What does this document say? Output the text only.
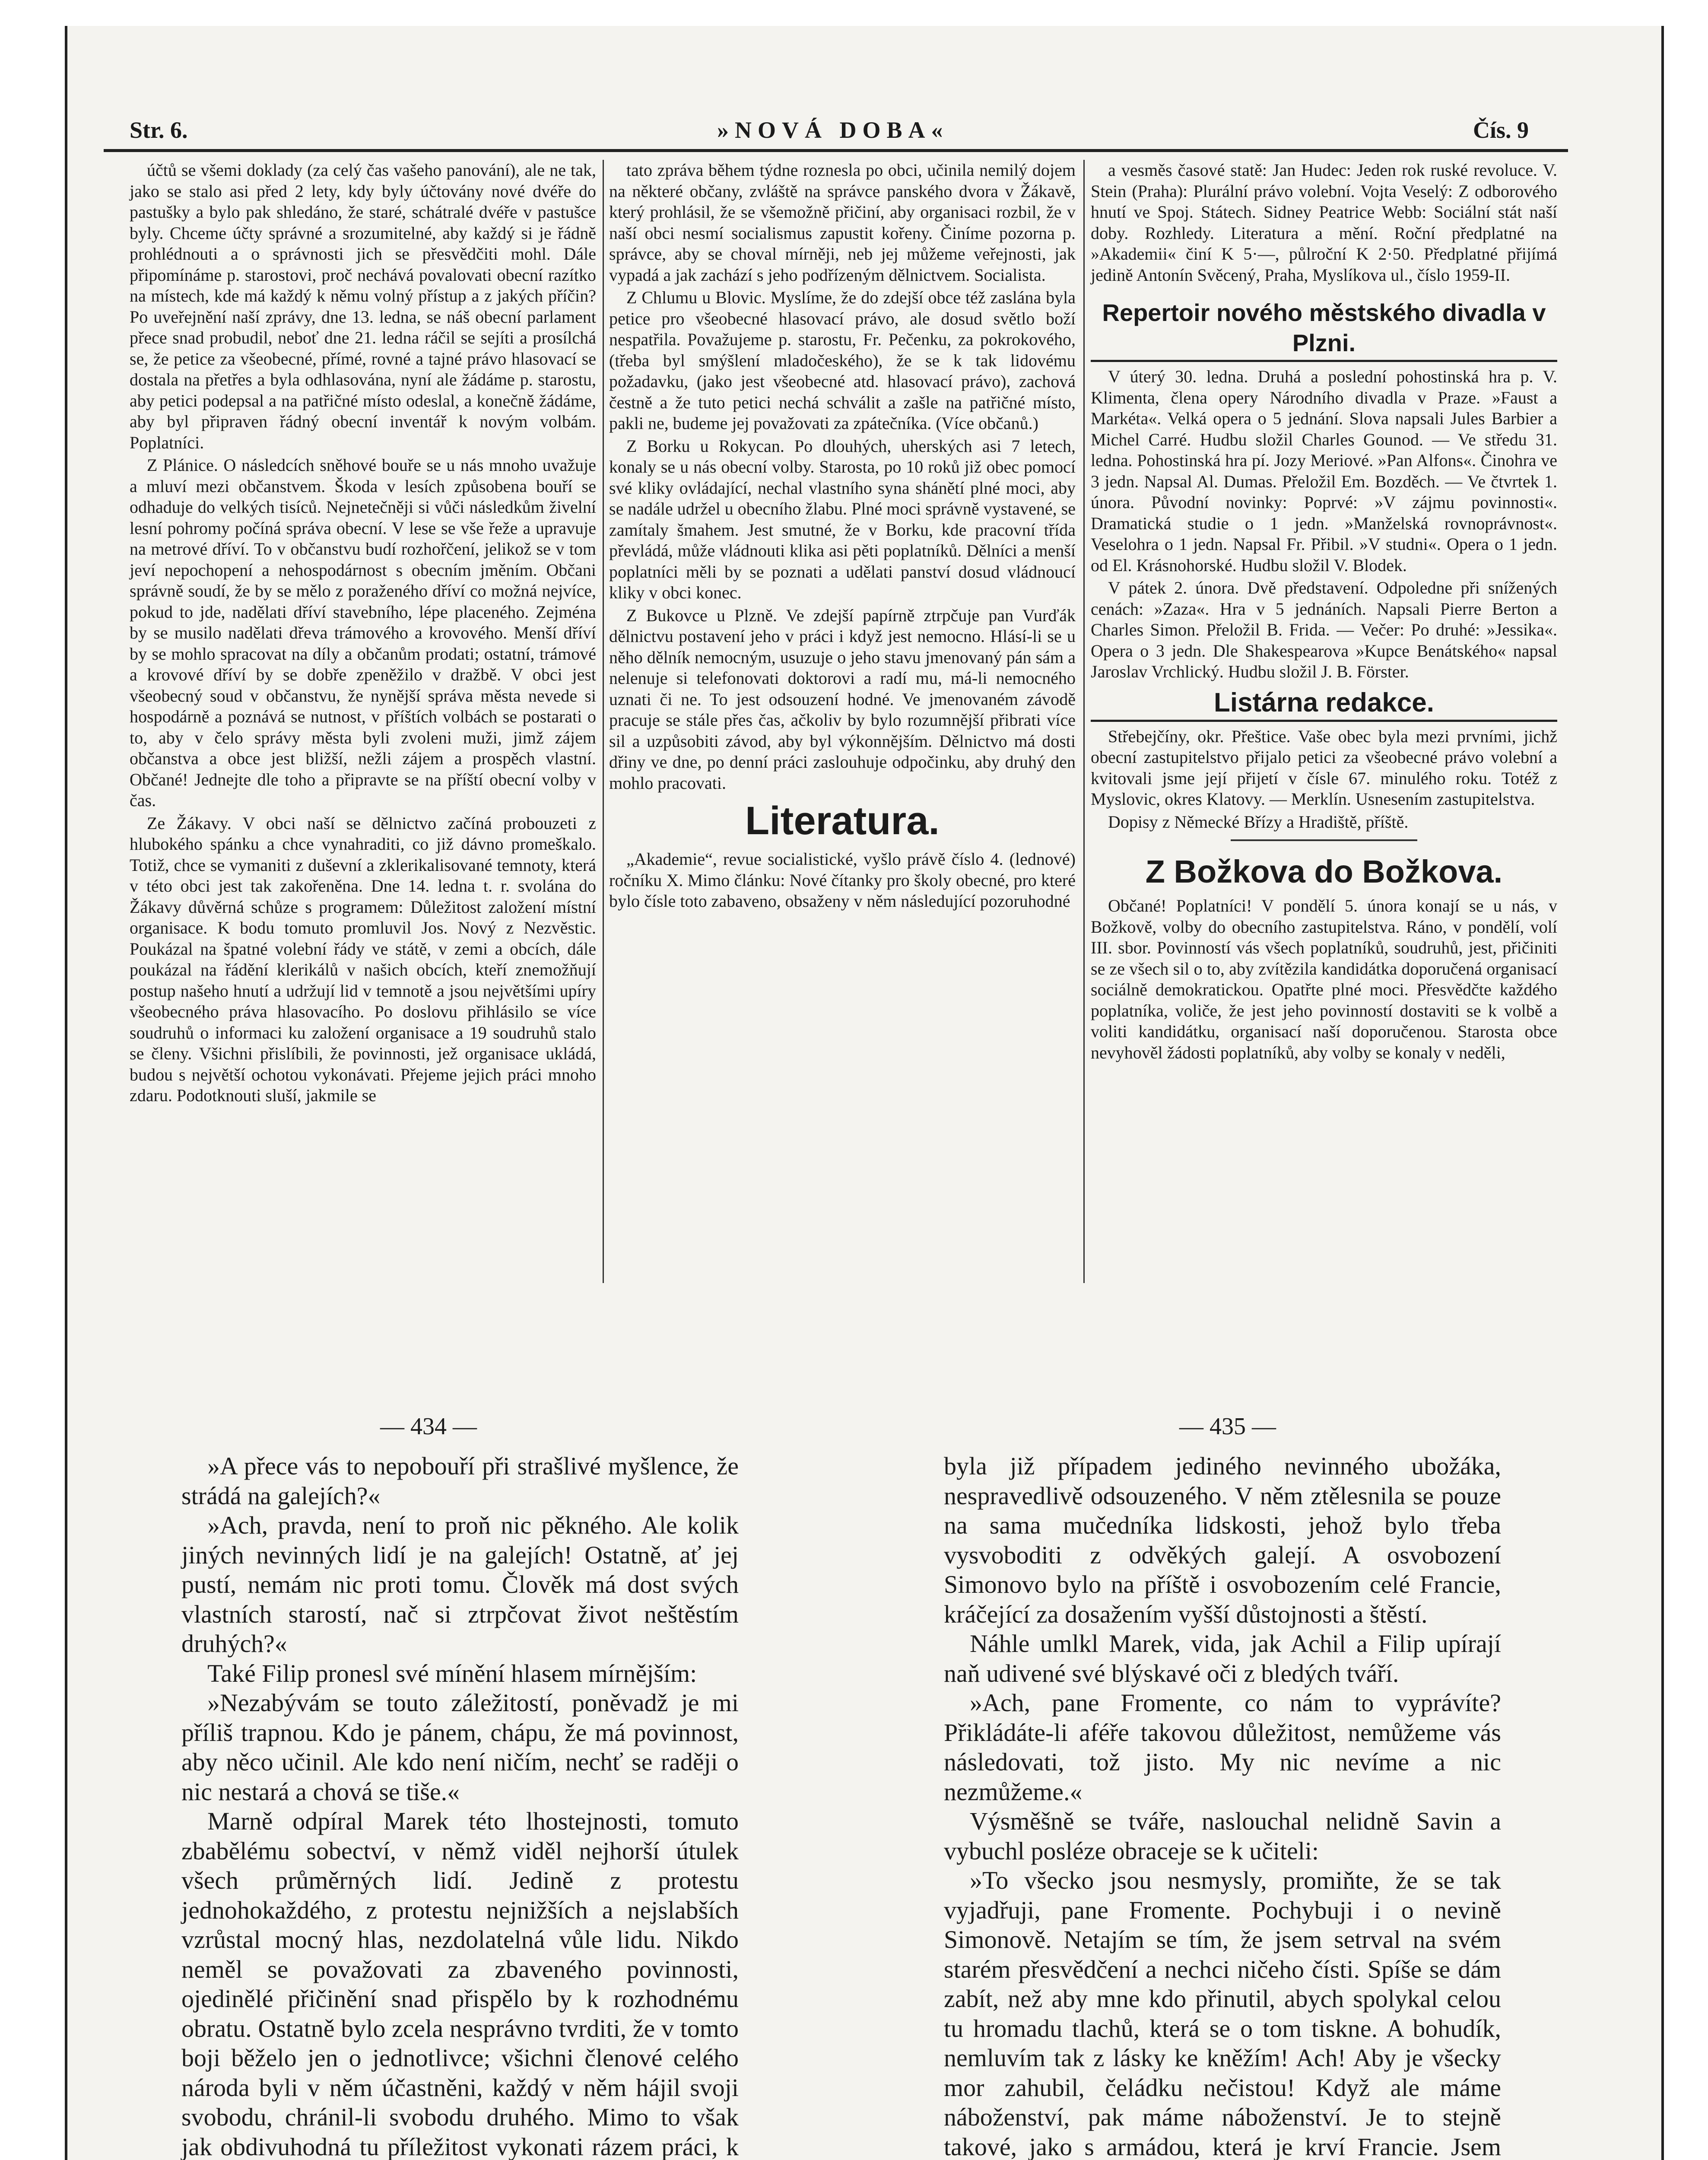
Str. 6.	»NOVÁ DOBA«	Čís. 9

účtů se všemi doklady (za celý čas vašeho panování), ale ne tak, jako se stalo asi před 2 lety, kdy byly účtovány nové dvéře do pastušky a bylo pak shledáno, že staré, schátralé dvéře v pastušce byly. Chceme účty správné a srozumitelné, aby každý si je řádně prohlédnouti a o správnosti jich se přesvědčiti mohl. Dále připomínáme p. starostovi, proč nechává povalovati obecní razítko na místech, kde má každý k němu volný přístup a z jakých příčin? Po uveřejnění naší zprávy, dne 13. ledna, se náš obecní parlament přece snad probudil, neboť dne 21. ledna ráčil se sejíti a prosílchá se, že petice za všeobecné, přímé, rovné a tajné právo hlasovací se dostala na přetřes a byla odhlasována, nyní ale žádáme p. starostu, aby petici podepsal a na patřičné místo odeslal, a konečně žádáme, aby byl připraven řádný obecní inventář k novým volbám. Poplatníci.

Z Plánice. O následcích sněhové bouře se u nás mnoho uvažuje a mluví mezi občanstvem. Škoda v lesích způsobena bouří se odhaduje do velkých tisíců. Nejnetečněji si vůči následkům živelní lesní pohromy počíná správa obecní. V lese se vše řeže a upravuje na metrové dříví. To v občanstvu budí rozhořčení, jelikož se v tom jeví nepochopení a nehospodárnost s obecním jměním. Občani správně soudí, že by se mělo z poraženého dříví co možná nejvíce, pokud to jde, nadělati dříví stavebního, lépe placeného. Zejména by se musilo nadělati dřeva trámového a krovového. Menší dříví by se mohlo spracovat na díly a občanům prodati; ostatní, trámové a krovové dříví by se dobře zpeněžilo v dražbě. V obci jest všeobecný soud v občanstvu, že nynější správa města nevede si hospodárně a poznává se nutnost, v příštích volbách se postarati o to, aby v čelo správy města byli zvoleni muži, jimž zájem občanstva a obce jest bližší, nežli zájem a prospěch vlastní. Občané! Jednejte dle toho a připravte se na příští obecní volby v čas.

Ze Žákavy. V obci naší se dělnictvo začíná probouzeti z hlubokého spánku a chce vynahraditi, co již dávno promeškalo. Totiž, chce se vymaniti z duševní a zklerikalisované temnoty, která v této obci jest tak zakořeněna. Dne 14. ledna t. r. svolána do Žákavy důvěrná schůze s programem: Důležitost založení místní organisace. K bodu tomuto promluvil Jos. Nový z Nezvěstic. Poukázal na špatné volební řády ve státě, v zemi a obcích, dále poukázal na řádění klerikálů v našich obcích, kteří znemožňují postup našeho hnutí a udržují lid v temnotě a jsou největšími upíry všeobecného práva hlasovacího. Po doslovu přihlásilo se více soudruhů o informaci ku založení organisace a 19 soudruhů stalo se členy. Všichni přislíbili, že povinnosti, jež organisace ukládá, budou s největší ochotou vykonávati. Přejeme jejich práci mnoho zdaru. Podotknouti sluší, jakmile se

tato zpráva během týdne roznesla po obci, učinila nemilý dojem na některé občany, zvláště na správce panského dvora v Žákavě, který prohlásil, že se všemožně přičiní, aby organisaci rozbil, že v naší obci nesmí socialismus zapustit kořeny. Činíme pozorna p. správce, aby se choval mírněji, neb jej můžeme veřejnosti, jak vypadá a jak zachází s jeho podřízeným dělnictvem. Socialista.

Z Chlumu u Blovic. Myslíme, že do zdejší obce též zaslána byla petice pro všeobecné hlasovací právo, ale dosud světlo boží nespatřila. Považujeme p. starostu, Fr. Pečenku, za pokrokového, (třeba byl smýšlení mladočeského), že se k tak lidovému požadavku, (jako jest všeobecné atd. hlasovací právo), zachová čestně a že tuto petici nechá schválit a zašle na patřičné místo, pakli ne, budeme jej považovati za zpátečníka. (Více občanů.)

Z Borku u Rokycan. Po dlouhých, uherských asi 7 letech, konaly se u nás obecní volby. Starosta, po 10 roků již obec pomocí své kliky ovládající, nechal vlastního syna shánětí plné moci, aby se nadále udržel u obecního žlabu. Plné moci správně vystavené, se zamítaly šmahem. Jest smutné, že v Borku, kde pracovní třída převládá, může vládnouti klika asi pěti poplatníků. Dělníci a menší poplatníci měli by se poznati a udělati panství dosud vládnoucí kliky v obci konec.

Z Bukovce u Plzně. Ve zdejší papírně ztrpčuje pan Vurďák dělnictvu postavení jeho v práci i když jest nemocno. Hlásí-li se u něho dělník nemocným, usuzuje o jeho stavu jmenovaný pán sám a nelenuje si telefonovati doktorovi a radí mu, má-li nemocného uznati či ne. To jest odsouzení hodné. Ve jmenovaném závodě pracuje se stále přes čas, ačkoliv by bylo rozumnější přibrati více sil a uzpůsobiti závod, aby byl výkonnějším. Dělnictvo má dosti dřiny ve dne, po denní práci zaslouhuje odpočinku, aby druhý den mohlo pracovati.

Literatura.

„Akademie“, revue socialistické, vyšlo právě číslo 4. (lednové) ročníku X. Mimo článku: Nové čítanky pro školy obecné, pro které bylo čísle toto zabaveno, obsaženy v něm následující pozoruhodné

a vesměs časové statě: Jan Hudec: Jeden rok ruské revoluce. V. Stein (Praha): Plurální právo volební. Vojta Veselý: Z odborového hnutí ve Spoj. Státech. Sidney Peatrice Webb: Sociální stát naší doby. Rozhledy. Literatura a mění. Roční předplatné na »Akademii« činí K 5·—, půlroční K 2·50. Předplatné přijímá jedině Antonín Svěcený, Praha, Myslíkova ul., číslo 1959-II.

Repertoir nového městského divadla v Plzni.

V úterý 30. ledna. Druhá a poslední pohostinská hra p. V. Klimenta, člena opery Národního divadla v Praze. »Faust a Markéta«. Velká opera o 5 jednání. Slova napsali Jules Barbier a Michel Carré. Hudbu složil Charles Gounod. — Ve středu 31. ledna. Pohostinská hra pí. Jozy Meriové. »Pan Alfons«. Činohra ve 3 jedn. Napsal Al. Dumas. Přeložil Em. Bozděch. — Ve čtvrtek 1. února. Původní novinky: Poprvé: »V zájmu povinnosti«. Dramatická studie o 1 jedn. »Manželská rovnoprávnost«. Veselohra o 1 jedn. Napsal Fr. Přibil. »V studni«. Opera o 1 jedn. od El. Krásnohorské. Hudbu složil V. Blodek.

V pátek 2. února. Dvě představení. Odpoledne při snížených cenách: »Zaza«. Hra v 5 jednáních. Napsali Pierre Berton a Charles Simon. Přeložil B. Frida. — Večer: Po druhé: »Jessika«. Opera o 3 jedn. Dle Shakespearova »Kupce Benátského« napsal Jaroslav Vrchlický. Hudbu složil J. B. Förster.

Listárna redakce.

Střebejčíny, okr. Přeštice. Vaše obec byla mezi prvními, jichž obecní zastupitelstvo přijalo petici za všeobecné právo volební a kvitovali jsme její přijetí v čísle 67. minulého roku. Totéž z Myslovic, okres Klatovy. — Merklín. Usnesením zastupitelstva.

Dopisy z Německé Břízy a Hradiště, příště.

Z Božkova do Božkova.

Občané! Poplatníci! V pondělí 5. února konají se u nás, v Božkově, volby do obecního zastupitelstva. Ráno, v pondělí, volí III. sbor. Povinností vás všech poplatníků, soudruhů, jest, přičiniti se ze všech sil o to, aby zvítězila kandidátka doporučená organisací sociálně demokratickou. Opatřte plné moci. Přesvědčte každého poplatníka, voliče, že jest jeho povinností dostaviti se k volbě a voliti kandidátku, organisací naší doporučenou. Starosta obce nevyhověl žádosti poplatníků, aby volby se konaly v neděli,

— 434 —	— 435 —

»A přece vás to nepobouří při strašlivé myšlence, že strádá na galejích?«

»Ach, pravda, není to proň nic pěkného. Ale kolik jiných nevinných lidí je na galejích! Ostatně, ať jej pustí, nemám nic proti tomu. Člověk má dost svých vlastních starostí, nač si ztrpčovat život neštěstím druhých?«

Také Filip pronesl své mínění hlasem mírnějším:

»Nezabývám se touto záležitostí, poněvadž je mi příliš trapnou. Kdo je pánem, chápu, že má povinnost, aby něco učinil. Ale kdo není ničím, nechť se raději o nic nestará a chová se tiše.«

Marně odpíral Marek této lhostejnosti, tomuto zbabělému sobectví, v němž viděl nejhorší útulek všech průměrných lidí. Jedině z protestu jednohokaždého, z protestu nejnižších a nejslabších vzrůstal mocný hlas, nezdolatelná vůle lidu. Nikdo neměl se považovati za zbaveného povinnosti, ojedinělé přičinění snad přispělo by k rozhodnému obratu. Ostatně bylo zcela nesprávno tvrditi, že v tomto boji běželo jen o jednotlivce; všichni členové celého národa byli v něm účastněni, každý v něm hájil svoji svobodu, chránil-li svobodu druhého. Mimo to však jak obdivuhodná tu příležitost vykonati rázem práci, k

byla již případem jediného nevinného ubožáka, nespravedlivě odsouzeného. V něm ztělesnila se pouze na sama mučedníka lidskosti, jehož bylo třeba vysvoboditi z odvěkých galejí. A osvobození Simonovo bylo na příště i osvobozením celé Francie, kráčející za dosažením vyšší důstojnosti a štěstí.

Náhle umlkl Marek, vida, jak Achil a Filip upírají naň udivené své blýskavé oči z bledých tváří.

»Ach, pane Fromente, co nám to vyprávíte? Přikládáte-li aféře takovou důležitost, nemůžeme vás následovati, tož jisto. My nic nevíme a nic nezmůžeme.«

Výsměšně se tváře, naslouchal nelidně Savin a vybuchl posléze obraceje se k učiteli:

»To všecko jsou nesmysly, promiňte, že se tak vyjadřuji, pane Fromente. Pochybuji i o nevině Simonově. Netajím se tím, že jsem setrval na svém starém přesvědčení a nechci ničeho čísti. Spíše se dám zabít, než aby mne kdo přinutil, abych spolykal celou tu hromadu tlachů, která se o tom tiskne. A bohudík, nemluvím tak z lásky ke kněžím! Ach! Aby je všecky mor zahubil, čeládku nečistou! Když ale máme náboženství, pak máme náboženství. Je to stejně takové, jako s armádou, která je krví Francie. Jsem
